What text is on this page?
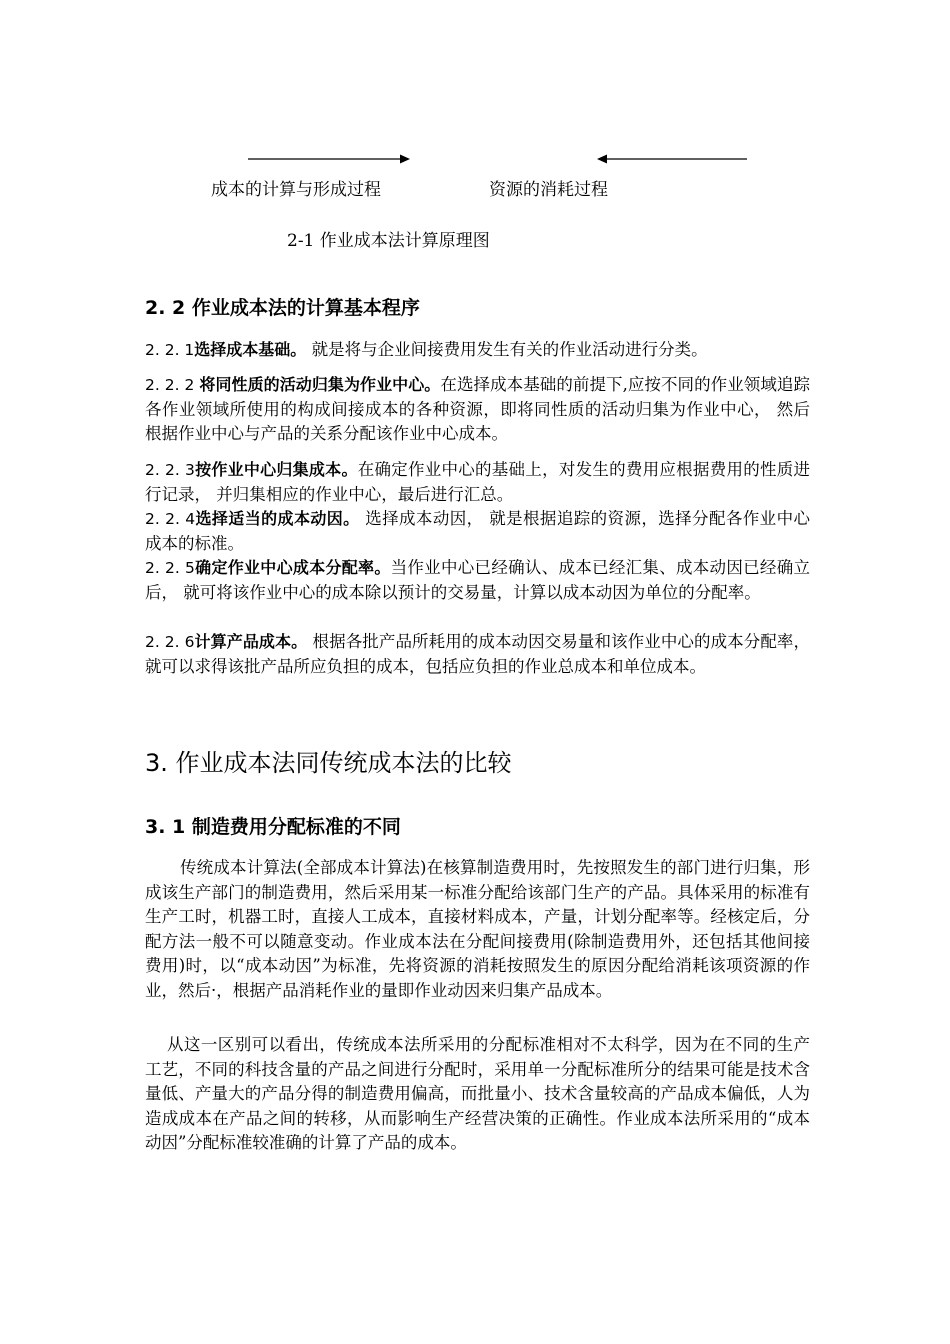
成本的计算与形成过程	资源的消耗过程
2-1 作业成本法计算原理图
2. 2 作业成本法的计算基本程序
2. 2. 1选择成本基础。 就是将与企业间接费用发生有关的作业活动进行分类。
2. 2. 2 将同性质的活动归集为作业中心。在选择成本基础的前提下,应按不同的作业领域追踪各作业领域所使用的构成间接成本的各种资源，即将同性质的活动归集为作业中心， 然后根据作业中心与产品的关系分配该作业中心成本。
2. 2. 3按作业中心归集成本。在确定作业中心的基础上，对发生的费用应根据费用的性质进行记录， 并归集相应的作业中心，最后进行汇总。
2. 2. 4选择适当的成本动因。 选择成本动因， 就是根据追踪的资源，选择分配各作业中心成本的标准。
2. 2. 5确定作业中心成本分配率。当作业中心已经确认、成本已经汇集、成本动因已经确立后， 就可将该作业中心的成本除以预计的交易量，计算以成本动因为单位的分配率。
2. 2. 6计算产品成本。 根据各批产品所耗用的成本动因交易量和该作业中心的成本分配率，就可以求得该批产品所应负担的成本，包括应负担的作业总成本和单位成本。
3. 作业成本法同传统成本法的比较
3. 1 制造费用分配标准的不同
传统成本计算法(全部成本计算法)在核算制造费用时，先按照发生的部门进行归集，形成该生产部门的制造费用，然后采用某一标准分配给该部门生产的产品。具体采用的标准有生产工时，机器工时，直接人工成本，直接材料成本，产量，计划分配率等。经核定后，分配方法一般不可以随意变动。作业成本法在分配间接费用(除制造费用外，还包括其他间接费用)时，以“成本动因”为标准，先将资源的消耗按照发生的原因分配给消耗该项资源的作业，然后·，根据产品消耗作业的量即作业动因来归集产品成本。
从这一区别可以看出，传统成本法所采用的分配标准相对不太科学，因为在不同的生产工艺，不同的科技含量的产品之间进行分配时，采用单一分配标准所分的结果可能是技术含量低、产量大的产品分得的制造费用偏高，而批量小、技术含量较高的产品成本偏低，人为造成成本在产品之间的转移，从而影响生产经营决策的正确性。作业成本法所采用的“成本动因”分配标准较准确的计算了产品的成本。
